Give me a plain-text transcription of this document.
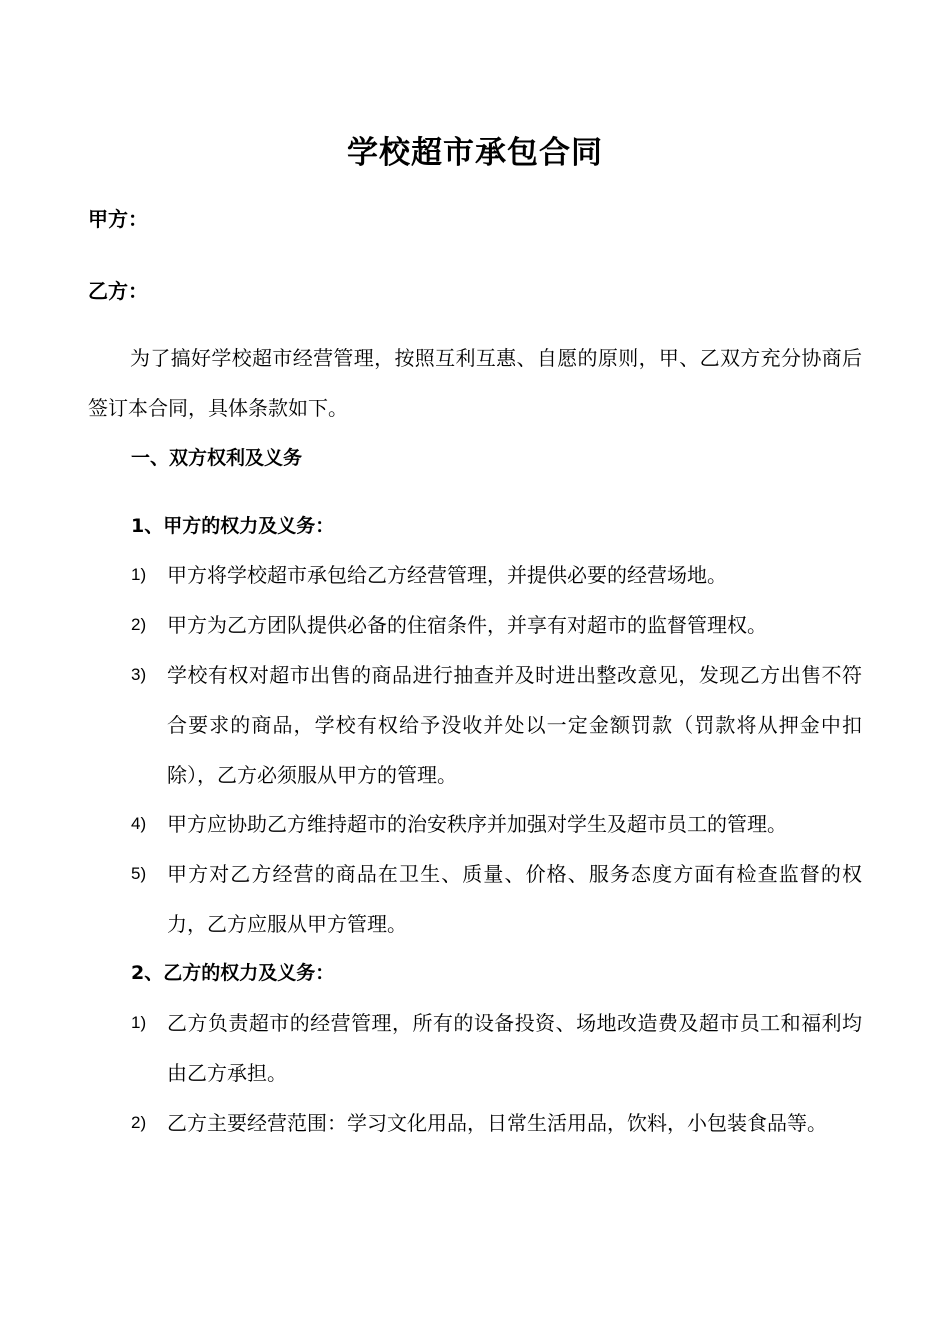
学校超市承包合同
甲方：
乙方：
为了搞好学校超市经营管理，按照互利互惠、自愿的原则，甲、乙双方充分协商后签订本合同，具体条款如下。
一、双方权利及义务
1、甲方的权力及义务：
1) 甲方将学校超市承包给乙方经营管理，并提供必要的经营场地。
2) 甲方为乙方团队提供必备的住宿条件，并享有对超市的监督管理权。
3) 学校有权对超市出售的商品进行抽查并及时进出整改意见，发现乙方出售不符合要求的商品，学校有权给予没收并处以一定金额罚款（罚款将从押金中扣除），乙方必须服从甲方的管理。
4) 甲方应协助乙方维持超市的治安秩序并加强对学生及超市员工的管理。
5) 甲方对乙方经营的商品在卫生、质量、价格、服务态度方面有检查监督的权力，乙方应服从甲方管理。
2、乙方的权力及义务：
1) 乙方负责超市的经营管理，所有的设备投资、场地改造费及超市员工和福利均由乙方承担。
2) 乙方主要经营范围：学习文化用品，日常生活用品，饮料，小包装食品等。
